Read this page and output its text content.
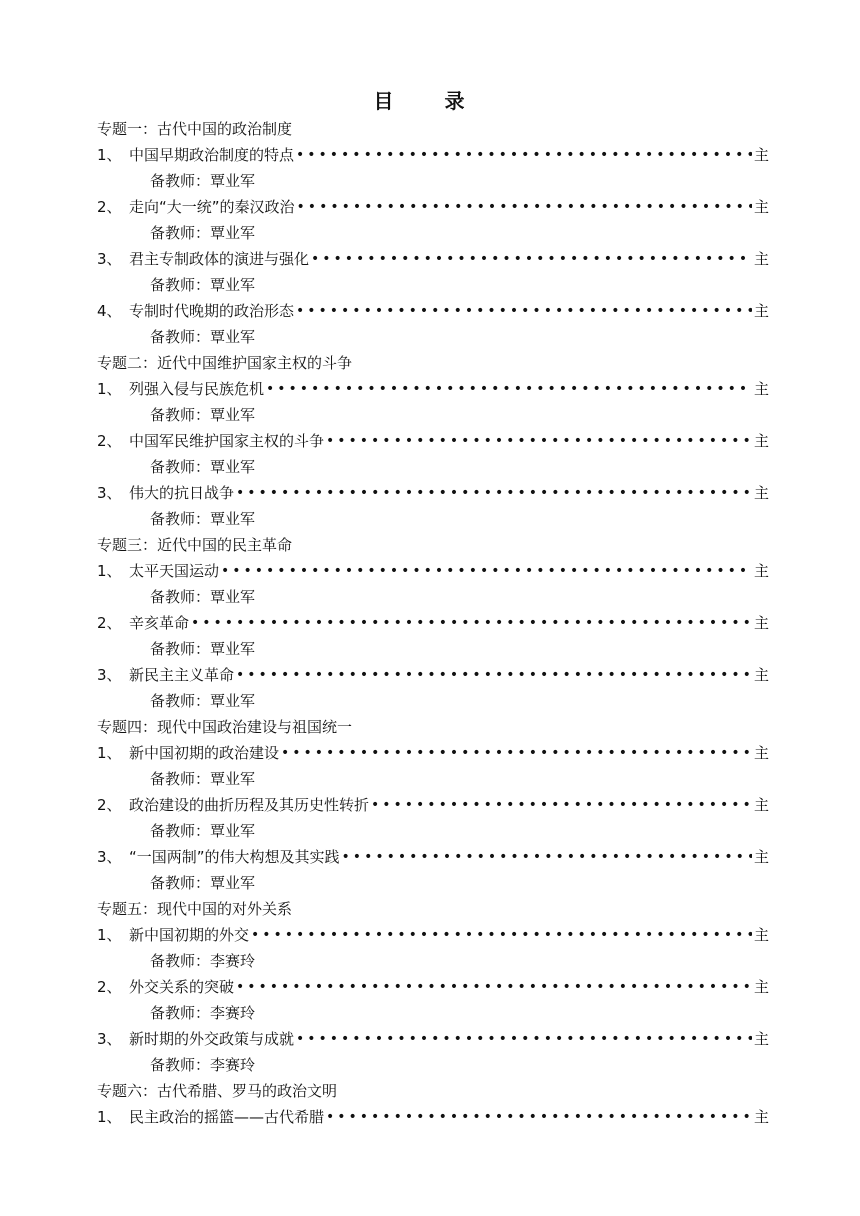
目 录
专题一：古代中国的政治制度
1、 中国早期政治制度的特点 •••••	主
备教师：覃业军
2、 走向“大一统”的秦汉政治 •••••	主
备教师：覃业军
3、 君主专制政体的演进与强化 •••••	主
备教师：覃业军
4、 专制时代晚期的政治形态 •••••	主
备教师：覃业军
专题二：近代中国维护国家主权的斗争
1、 列强入侵与民族危机 •••••	主
备教师：覃业军
2、 中国军民维护国家主权的斗争 •••••	主
备教师：覃业军
3、 伟大的抗日战争 •••••	主
备教师：覃业军
专题三：近代中国的民主革命
1、 太平天国运动 •••••	主
备教师：覃业军
2、 辛亥革命 •••••	主
备教师：覃业军
3、 新民主主义革命 •••••	主
备教师：覃业军
专题四：现代中国政治建设与祖国统一
1、 新中国初期的政治建设 •••••	主
备教师：覃业军
2、 政治建设的曲折历程及其历史性转折 •••••	主
备教师：覃业军
3、 “一国两制”的伟大构想及其实践 •••••	主
备教师：覃业军
专题五：现代中国的对外关系
1、 新中国初期的外交 •••••	主
备教师：李赛玲
2、 外交关系的突破 •••••	主
备教师：李赛玲
3、 新时期的外交政策与成就 •••••	主
备教师：李赛玲
专题六：古代希腊、罗马的政治文明
1、 民主政治的摇篮——古代希腊 •••••	主
